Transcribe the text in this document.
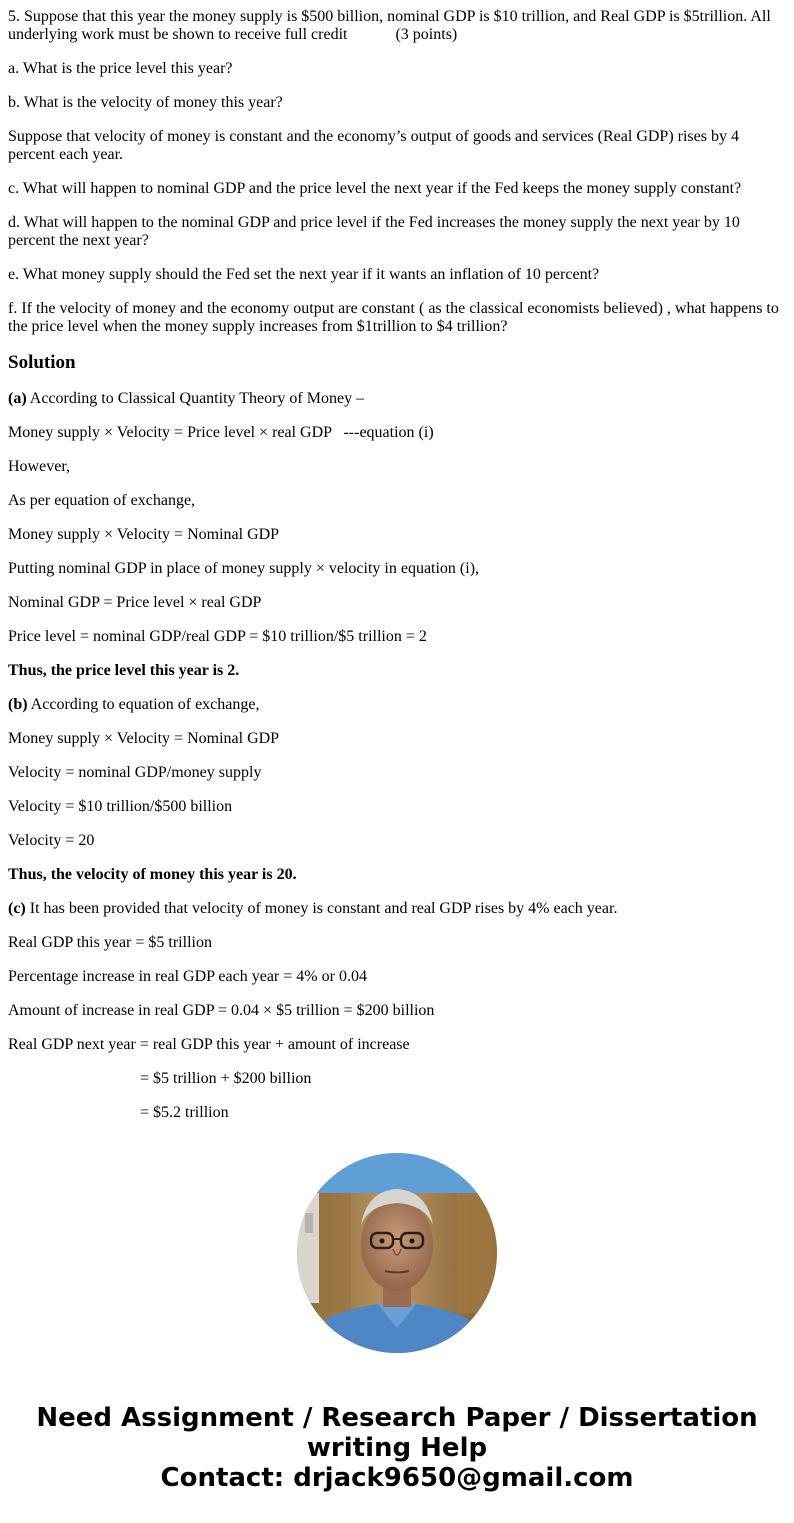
5. Suppose that this year the money supply is $500 billion, nominal GDP is $10 trillion, and Real GDP is $5trillion. All underlying work must be shown to receive full credit	(3 points)

a. What is the price level this year?

b. What is the velocity of money this year?

Suppose that velocity of money is constant and the economy’s output of goods and services (Real GDP) rises by 4 percent each year.

c. What will happen to nominal GDP and the price level the next year if the Fed keeps the money supply constant?

d. What will happen to the nominal GDP and price level if the Fed increases the money supply the next year by 10 percent the next year?

e. What money supply should the Fed set the next year if it wants an inflation of 10 percent?

f. If the velocity of money and the economy output are constant ( as the classical economists believed) , what happens to the price level when the money supply increases from $1trillion to $4 trillion?

Solution

(a) According to Classical Quantity Theory of Money –

Money supply × Velocity = Price level × real GDP   ---equation (i)

However,

As per equation of exchange,

Money supply × Velocity = Nominal GDP

Putting nominal GDP in place of money supply × velocity in equation (i),

Nominal GDP = Price level × real GDP

Price level = nominal GDP/real GDP = $10 trillion/$5 trillion = 2

Thus, the price level this year is 2.

(b) According to equation of exchange,

Money supply × Velocity = Nominal GDP

Velocity = nominal GDP/money supply

Velocity = $10 trillion/$500 billion

Velocity = 20

Thus, the velocity of money this year is 20.

(c) It has been provided that velocity of money is constant and real GDP rises by 4% each year.

Real GDP this year = $5 trillion

Percentage increase in real GDP each year = 4% or 0.04

Amount of increase in real GDP = 0.04 × $5 trillion = $200 billion

Real GDP next year = real GDP this year + amount of increase

= $5 trillion + $200 billion

= $5.2 trillion

Need Assignment / Research Paper / Dissertation
writing Help
Contact: drjack9650@gmail.com
